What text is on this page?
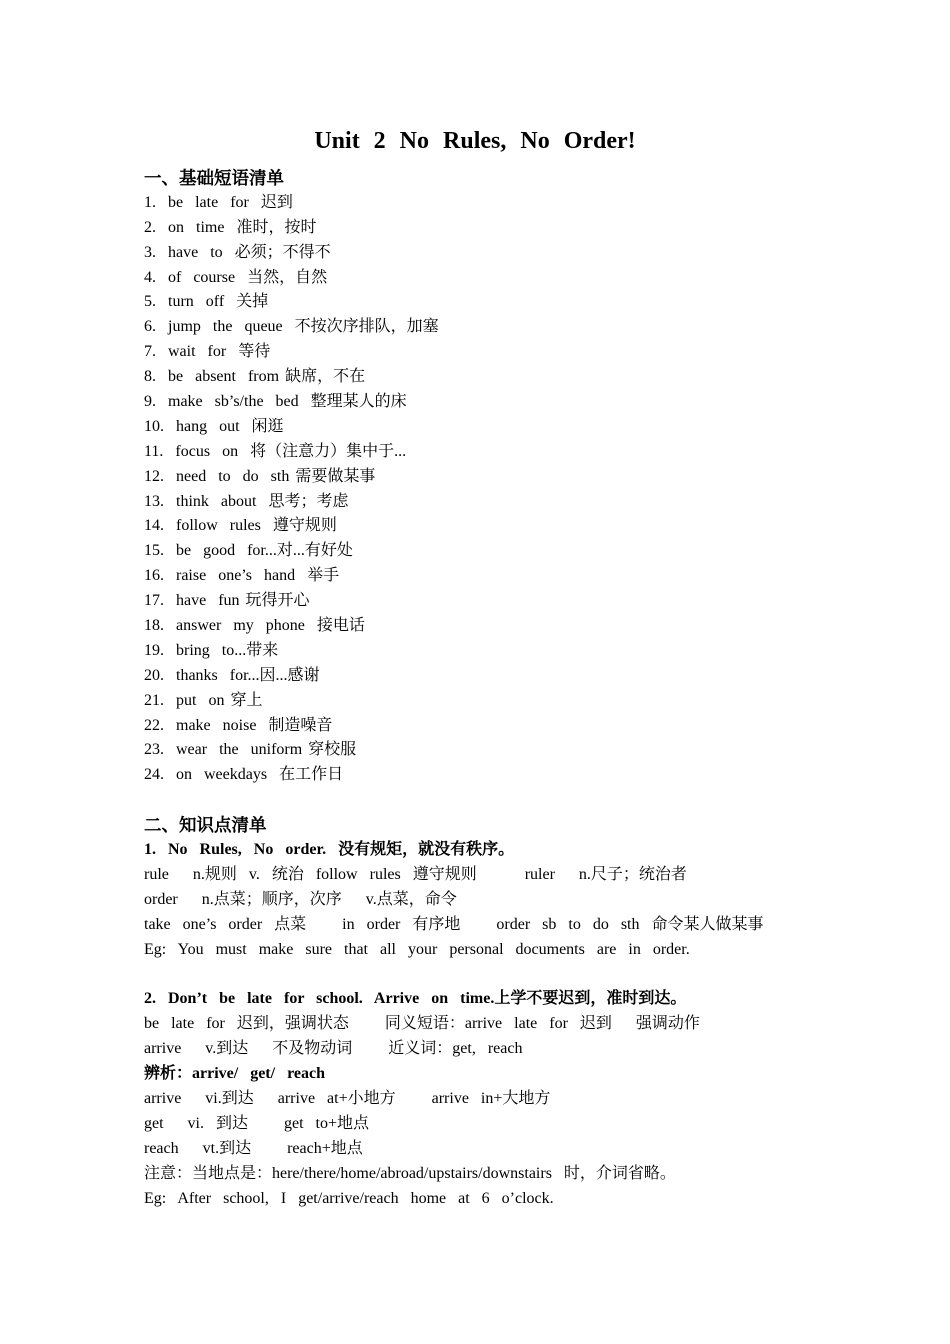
Unit 2 No Rules, No Order!
一、基础短语清单
1.  be  late  for  迟到
2.  on  time  准时，按时
3.  have  to  必须；不得不
4.  of  course  当然，自然
5.  turn  off  关掉
6.  jump  the  queue  不按次序排队，加塞
7.  wait  for  等待
8.  be  absent  from 缺席，不在
9.  make  sb’s/the  bed  整理某人的床
10.  hang  out  闲逛
11.  focus  on  将（注意力）集中于...
12.  need  to  do  sth 需要做某事
13.  think  about  思考；考虑
14.  follow  rules  遵守规则
15.  be  good  for...对...有好处
16.  raise  one’s  hand  举手
17.  have  fun 玩得开心
18.  answer  my  phone  接电话
19.  bring  to...带来
20.  thanks  for...因...感谢
21.  put  on 穿上
22.  make  noise  制造噪音
23.  wear  the  uniform 穿校服
24.  on  weekdays  在工作日
二、知识点清单
1.  No  Rules,  No  order.  没有规矩，就没有秩序。
rule    n.规则  v.  统治  follow  rules  遵守规则        ruler    n.尺子；统治者
order    n.点菜；顺序，次序    v.点菜，命令
take  one’s  order  点菜      in  order  有序地      order  sb  to  do  sth  命令某人做某事
Eg:  You  must  make  sure  that  all  your  personal  documents  are  in  order.
2.  Don’t  be  late  for  school.  Arrive  on  time.上学不要迟到，准时到达。
be  late  for  迟到，强调状态      同义短语：arrive  late  for  迟到    强调动作
arrive    v.到达    不及物动词      近义词：get,  reach
辨析：arrive/  get/  reach
arrive    vi.到达    arrive  at+小地方      arrive  in+大地方
get    vi.  到达      get  to+地点
reach    vt.到达      reach+地点
注意：当地点是：here/there/home/abroad/upstairs/downstairs  时，介词省略。
Eg:  After  school,  I  get/arrive/reach  home  at  6  o’clock.
